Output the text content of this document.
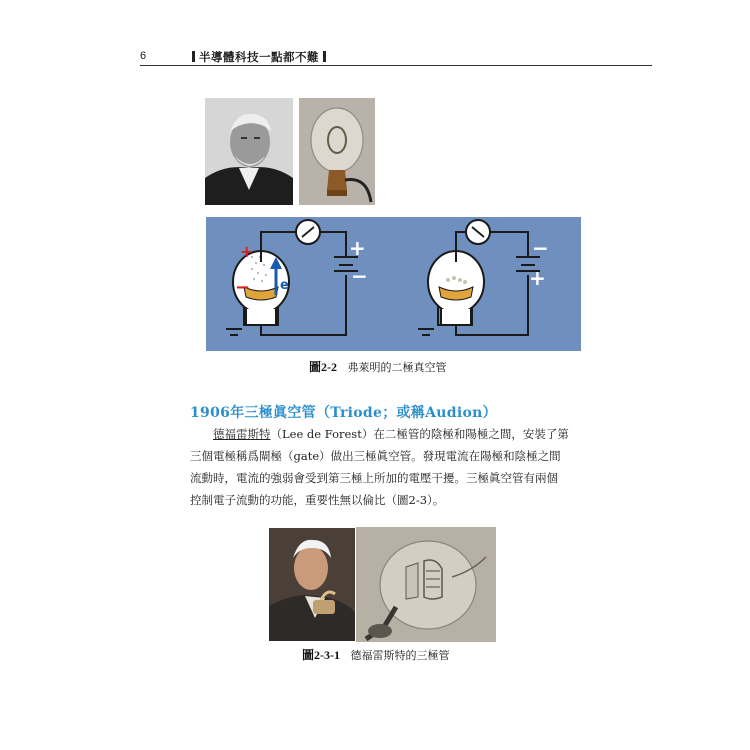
6	半導體科技一點都不難
+
− e
+
−
−
+
圖2-2 弗萊明的二極真空管
1906年三極眞空管（Triode；或稱Audion）

德福雷斯特（Lee de Forest）在二極管的陰極和陽極之間，安裝了第

三個電極稱爲閘極（gate）做出三極眞空管。發現電流在陽極和陰極之間

流動時，電流的強弱會受到第三極上所加的電壓干擾。三極眞空管有兩個

控制電子流動的功能，重要性無以倫比（圖2-3）。

圖2-3-1 德福雷斯特的三極管
